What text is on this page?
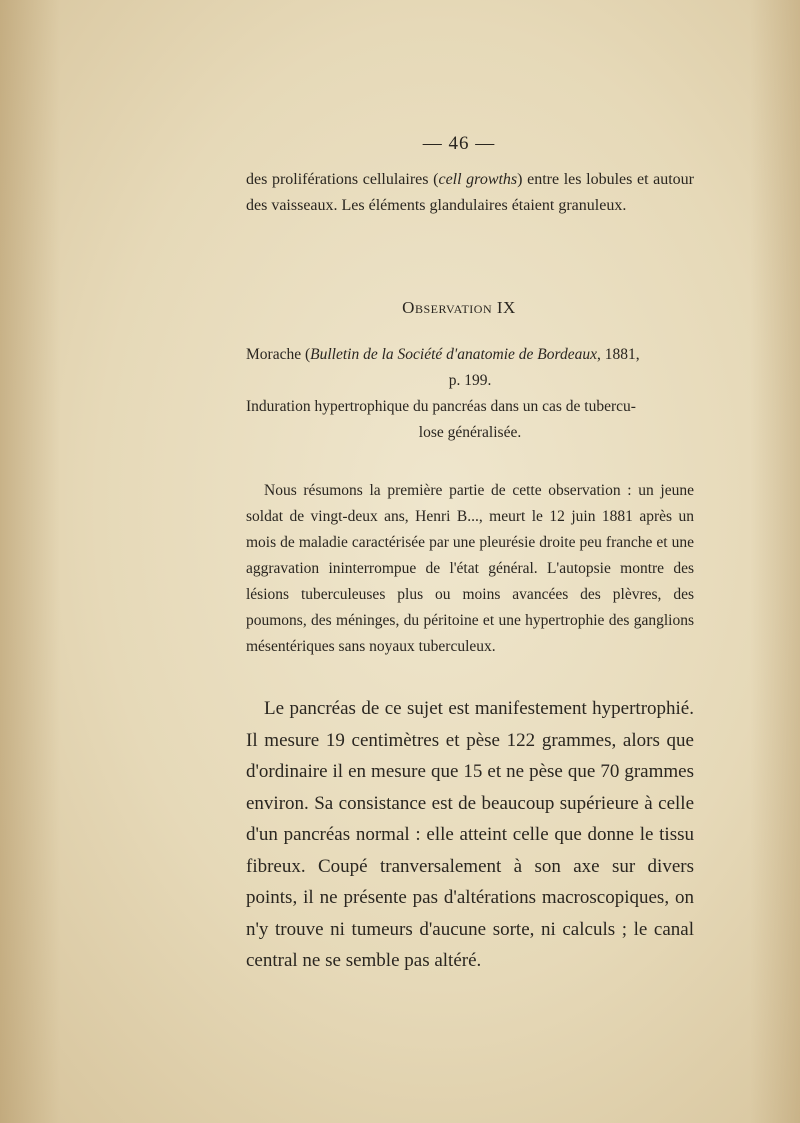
— 46 —

des proliférations cellulaires (cell growths) entre les lobules et autour des vaisseaux. Les éléments glandulaires étaient granuleux.

Observation IX
Morache (Bulletin de la Société d'anatomie de Bordeaux, 1881,
p. 199.
Induration hypertrophique du pancréas dans un cas de tubercu-
lose généralisée.

Nous résumons la première partie de cette observation : un jeune soldat de vingt-deux ans, Henri B..., meurt le 12 juin 1881 après un mois de maladie caractérisée par une pleurésie droite peu franche et une aggravation ininterrompue de l'état général. L'autopsie montre des lésions tuberculeuses plus ou moins avancées des plèvres, des poumons, des méninges, du péritoine et une hypertrophie des ganglions mésentériques sans noyaux tuberculeux.

Le pancréas de ce sujet est manifestement hypertrophié. Il mesure 19 centimètres et pèse 122 grammes, alors que d'ordinaire il en mesure que 15 et ne pèse que 70 grammes environ. Sa consistance est de beaucoup supérieure à celle d'un pancréas normal : elle atteint celle que donne le tissu fibreux. Coupé tranversalement à son axe sur divers points, il ne présente pas d'altérations macroscopiques, on n'y trouve ni tumeurs d'aucune sorte, ni calculs ; le canal central ne se semble pas altéré.
